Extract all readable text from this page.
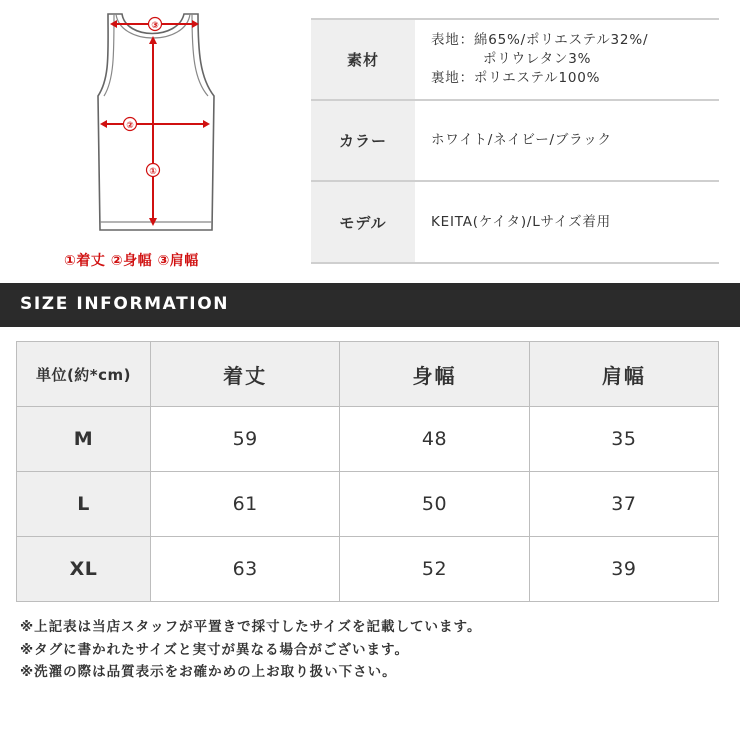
③
①
②
①着丈 ②身幅 ③肩幅
素材	表地：綿65%/ポリエステル32%/
ポリウレタン3%
裏地：ポリエステル100%

カラー	ホワイト/ネイビー/ブラック
モデル	KEITA(ケイタ)/Lサイズ着用
SIZE INFORMATION
単位(約*cm)	着丈	身幅	肩幅
M	59	48	35
L	61	50	37
XL	63	52	39
※上記表は当店スタッフが平置きで採寸したサイズを記載しています。
※タグに書かれたサイズと実寸が異なる場合がございます。
※洗濯の際は品質表示をお確かめの上お取り扱い下さい。
